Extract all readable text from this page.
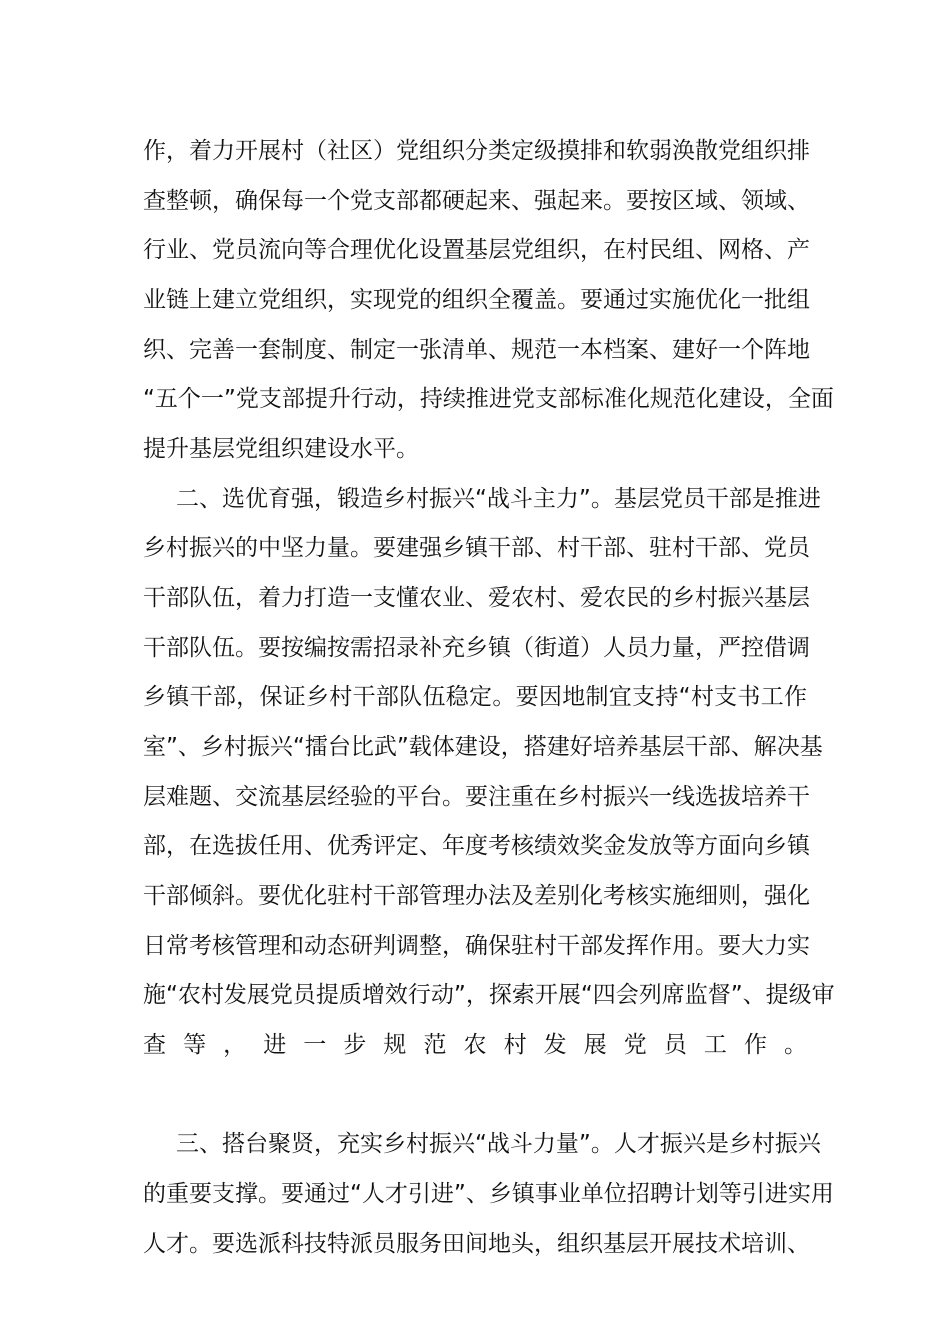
作，着力开展村（社区）党组织分类定级摸排和软弱涣散党组织排
查整顿，确保每一个党支部都硬起来、强起来。要按区域、领域、
行业、党员流向等合理优化设置基层党组织，在村民组、网格、产
业链上建立党组织，实现党的组织全覆盖。要通过实施优化一批组
织、完善一套制度、制定一张清单、规范一本档案、建好一个阵地
“五个一”党支部提升行动，持续推进党支部标准化规范化建设，全面
提升基层党组织建设水平。
二、选优育强，锻造乡村振兴“战斗主力”。基层党员干部是推进
乡村振兴的中坚力量。要建强乡镇干部、村干部、驻村干部、党员
干部队伍，着力打造一支懂农业、爱农村、爱农民的乡村振兴基层
干部队伍。要按编按需招录补充乡镇（街道）人员力量，严控借调
乡镇干部，保证乡村干部队伍稳定。要因地制宜支持“村支书工作
室”、乡村振兴“擂台比武”载体建设，搭建好培养基层干部、解决基
层难题、交流基层经验的平台。要注重在乡村振兴一线选拔培养干
部，在选拔任用、优秀评定、年度考核绩效奖金发放等方面向乡镇
干部倾斜。要优化驻村干部管理办法及差别化考核实施细则，强化
日常考核管理和动态研判调整，确保驻村干部发挥作用。要大力实
施“农村发展党员提质增效行动”，探索开展“四会列席监督”、提级审
查等，进一步规范农村发展党员工作。
三、搭台聚贤，充实乡村振兴“战斗力量”。人才振兴是乡村振兴
的重要支撑。要通过“人才引进”、乡镇事业单位招聘计划等引进实用
人才。要选派科技特派员服务田间地头，组织基层开展技术培训、
